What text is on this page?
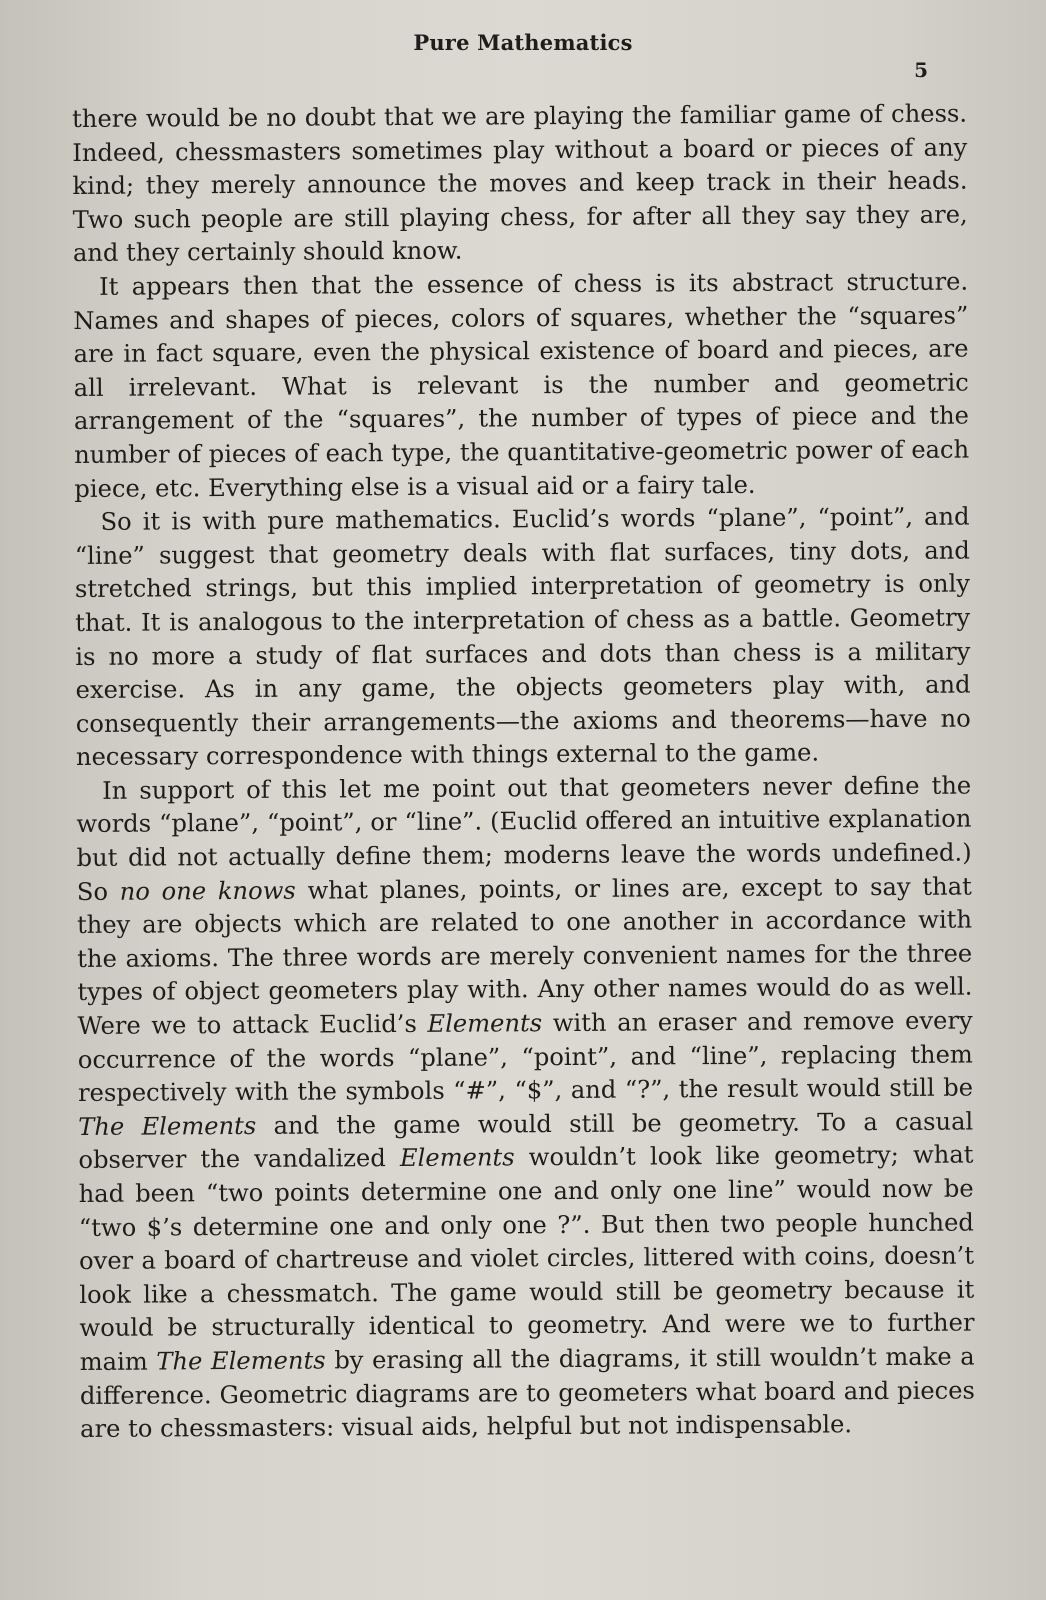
Pure Mathematics
5

there would be no doubt that we are playing the familiar game of chess. Indeed, chessmasters sometimes play without a board or pieces of any kind; they merely announce the moves and keep track in their heads. Two such people are still playing chess, for after all they say they are, and they certainly should know.

It appears then that the essence of chess is its abstract structure. Names and shapes of pieces, colors of squares, whether the “squares” are in fact square, even the physical existence of board and pieces, are all irrelevant. What is relevant is the number and geometric arrangement of the “squares”, the number of types of piece and the number of pieces of each type, the quantitative-geometric power of each piece, etc. Everything else is a visual aid or a fairy tale.

So it is with pure mathematics. Euclid’s words “plane”, “point”, and “line” suggest that geometry deals with flat surfaces, tiny dots, and stretched strings, but this implied interpretation of geometry is only that. It is analogous to the interpretation of chess as a battle. Geometry is no more a study of flat surfaces and dots than chess is a military exercise. As in any game, the objects geometers play with, and consequently their arrangements—the axioms and theorems—have no necessary correspondence with things external to the game.

In support of this let me point out that geometers never define the words “plane”, “point”, or “line”. (Euclid offered an intuitive explanation but did not actually define them; moderns leave the words undefined.) So no one knows what planes, points, or lines are, except to say that they are objects which are related to one another in accordance with the axioms. The three words are merely convenient names for the three types of object geometers play with. Any other names would do as well. Were we to attack Euclid’s Elements with an eraser and remove every occurrence of the words “plane”, “point”, and “line”, replacing them respectively with the symbols “#”, “$”, and “?”, the result would still be The Elements and the game would still be geometry. To a casual observer the vandalized Elements wouldn’t look like geometry; what had been “two points determine one and only one line” would now be “two $’s determine one and only one ?”. But then two people hunched over a board of chartreuse and violet circles, littered with coins, doesn’t look like a chessmatch. The game would still be geometry because it would be structurally identical to geometry. And were we to further maim The Elements by erasing all the diagrams, it still wouldn’t make a difference. Geometric diagrams are to geometers what board and pieces are to chessmasters: visual aids, helpful but not indispensable.
